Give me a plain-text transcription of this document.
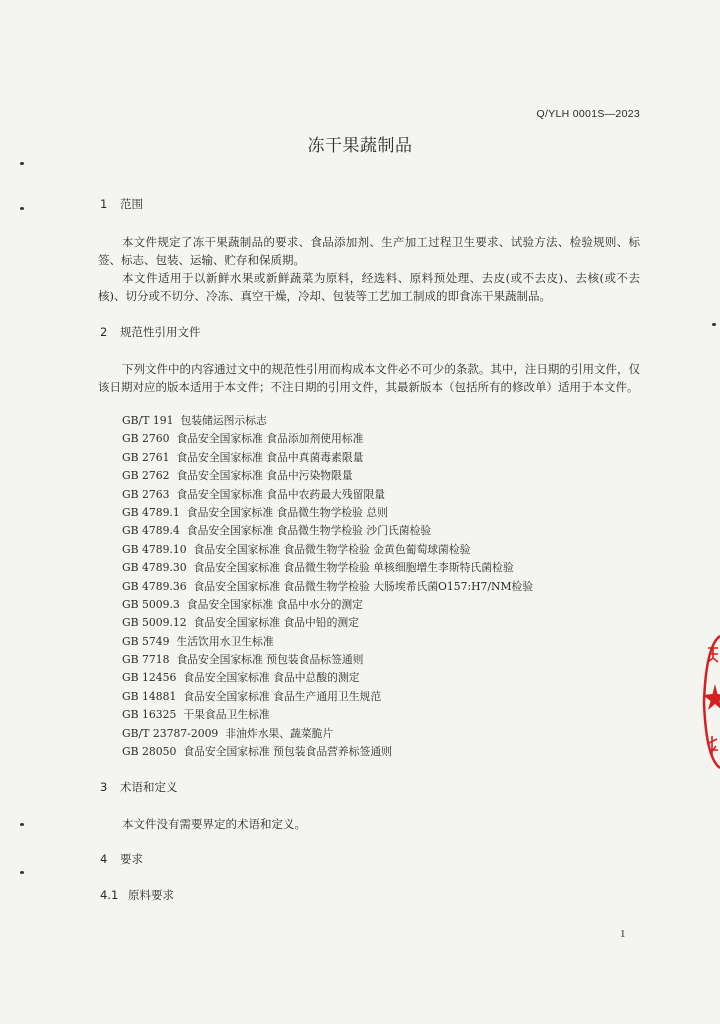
Q/YLH 0001S—2023
冻干果蔬制品
1 范围

本文件规定了冻干果蔬制品的要求、食品添加剂、生产加工过程卫生要求、试验方法、检验规则、标签、标志、包装、运输、贮存和保质期。

本文件适用于以新鲜水果或新鲜蔬菜为原料，经选料、原料预处理、去皮(或不去皮)、去核(或不去核)、切分或不切分、冷冻、真空干燥，冷却、包装等工艺加工制成的即食冻干果蔬制品。

2 规范性引用文件

下列文件中的内容通过文中的规范性引用而构成本文件必不可少的条款。其中，注日期的引用文件，仅该日期对应的版本适用于本文件；不注日期的引用文件，其最新版本（包括所有的修改单）适用于本文件。

GB/T 191 包装储运图示标志
GB 2760 食品安全国家标准 食品添加剂使用标准
GB 2761 食品安全国家标准 食品中真菌毒素限量
GB 2762 食品安全国家标准 食品中污染物限量
GB 2763 食品安全国家标准 食品中农药最大残留限量
GB 4789.1 食品安全国家标准 食品微生物学检验 总则
GB 4789.4 食品安全国家标准 食品微生物学检验 沙门氏菌检验
GB 4789.10 食品安全国家标准 食品微生物学检验 金黄色葡萄球菌检验
GB 4789.30 食品安全国家标准 食品微生物学检验 单核细胞增生李斯特氏菌检验
GB 4789.36 食品安全国家标准 食品微生物学检验 大肠埃希氏菌O157:H7/NM检验
GB 5009.3 食品安全国家标准 食品中水分的测定
GB 5009.12 食品安全国家标准 食品中铅的测定
GB 5749 生活饮用水卫生标准
GB 7718 食品安全国家标准 预包装食品标签通则
GB 12456 食品安全国家标准 食品中总酸的测定
GB 14881 食品安全国家标准 食品生产通用卫生规范
GB 16325 干果食品卫生标准
GB/T 23787-2009 非油炸水果、蔬菜脆片
GB 28050 食品安全国家标准 预包装食品营养标签通则
3 术语和定义

本文件没有需要界定的术语和定义。

4 要求
4.1 原料要求
1
